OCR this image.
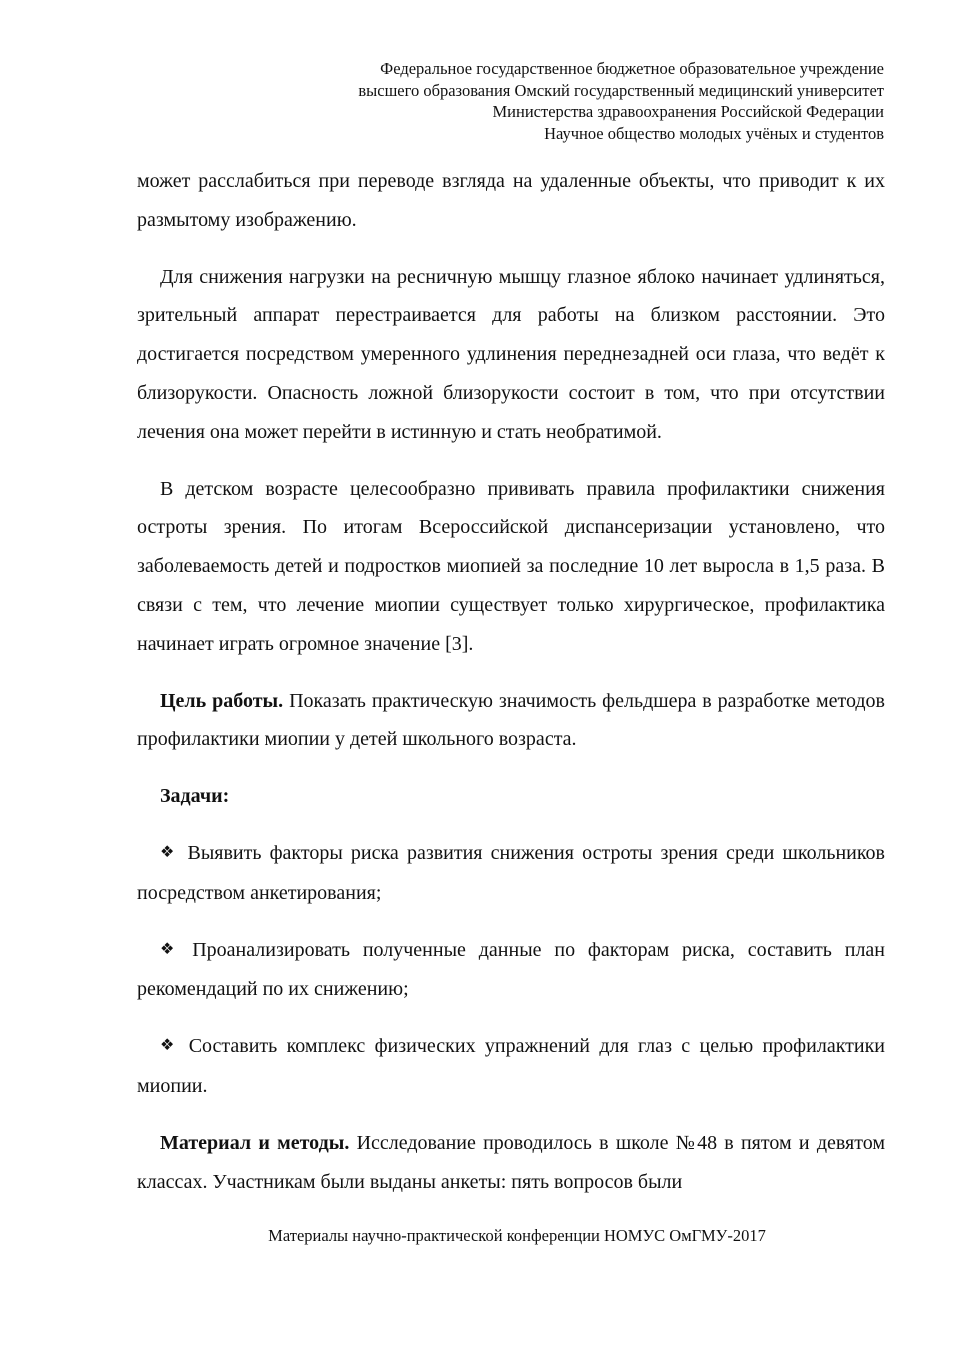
Федеральное государственное бюджетное образовательное учреждение
высшего образования Омский государственный медицинский университет
Министерства здравоохранения Российской Федерации
Научное общество молодых учёных и студентов

может расслабиться при переводе взгляда на удаленные объекты, что приводит к их размытому изображению.

Для снижения нагрузки на ресничную мышцу глазное яблоко начинает удлиняться, зрительный аппарат перестраивается для работы на близком расстоянии. Это достигается посредством умеренного удлинения переднезадней оси глаза, что ведёт к близорукости. Опасность ложной близорукости состоит в том, что при отсутствии лечения она может перейти в истинную и стать необратимой.

В детском возрасте целесообразно прививать правила профилактики снижения остроты зрения. По итогам Всероссийской диспансеризации установлено, что заболеваемость детей и подростков миопией за последние 10 лет выросла в 1,5 раза. В связи с тем, что лечение миопии существует только хирургическое, профилактика начинает играть огромное значение [3].

Цель работы. Показать практическую значимость фельдшера в разработке методов профилактики миопии у детей школьного возраста.

Задачи:

❖ Выявить факторы риска развития снижения остроты зрения среди школьников посредством анкетирования;

❖ Проанализировать полученные данные по факторам риска, составить план рекомендаций по их снижению;

❖ Составить комплекс физических упражнений для глаз с целью профилактики миопии.

Материал и методы. Исследование проводилось в школе №48 в пятом и девятом классах. Участникам были выданы анкеты: пять вопросов были

Материалы научно-практической конференции НОМУС ОмГМУ-2017
